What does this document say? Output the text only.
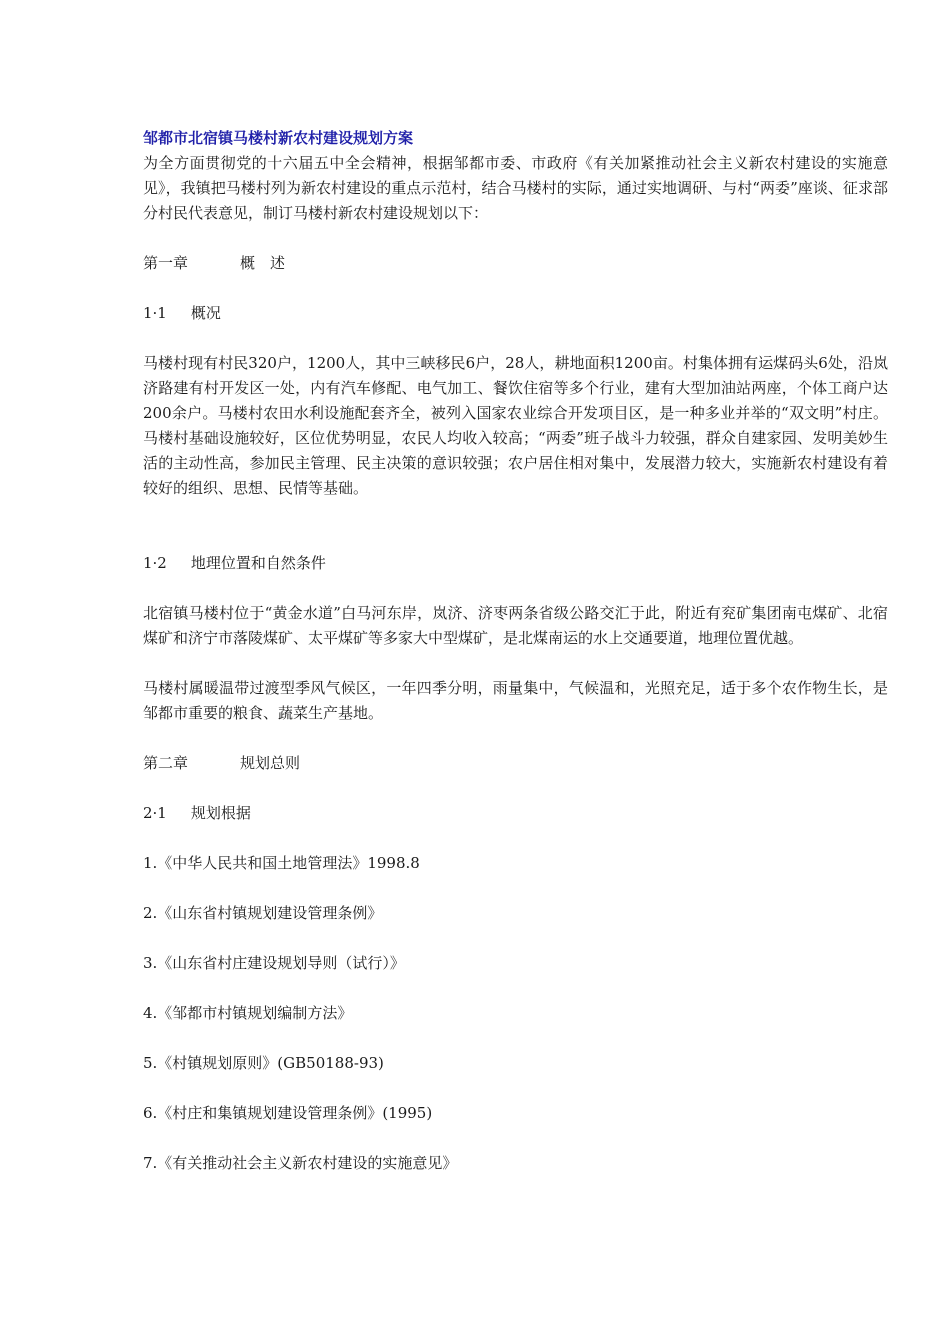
邹都市北宿镇马楼村新农村建设规划方案

为全方面贯彻党的十六届五中全会精神，根据邹都市委、市政府《有关加紧推动社会主义新农村建设的实施意见》，我镇把马楼村列为新农村建设的重点示范村，结合马楼村的实际，通过实地调研、与村“两委”座谈、征求部分村民代表意见，制订马楼村新农村建设规划以下：

第一章	概　述
1·1 概况

马楼村现有村民320户，1200人，其中三峡移民6户，28人，耕地面积1200亩。村集体拥有运煤码头6处，沿岚济路建有村开发区一处，内有汽车修配、电气加工、餐饮住宿等多个行业，建有大型加油站两座，个体工商户达200余户。马楼村农田水利设施配套齐全，被列入国家农业综合开发项目区，是一种多业并举的“双文明”村庄。马楼村基础设施较好，区位优势明显，农民人均收入较高；“两委”班子战斗力较强，群众自建家园、发明美妙生活的主动性高，参加民主管理、民主决策的意识较强；农户居住相对集中，发展潜力较大，实施新农村建设有着较好的组织、思想、民情等基础。

1·2 地理位置和自然条件

北宿镇马楼村位于“黄金水道”白马河东岸，岚济、济枣两条省级公路交汇于此，附近有兖矿集团南屯煤矿、北宿煤矿和济宁市落陵煤矿、太平煤矿等多家大中型煤矿，是北煤南运的水上交通要道，地理位置优越。

马楼村属暖温带过渡型季风气候区，一年四季分明，雨量集中，气候温和，光照充足，适于多个农作物生长，是邹都市重要的粮食、蔬菜生产基地。

第二章	规划总则
2·1 规划根据

1.《中华人民共和国土地管理法》1998.8

2.《山东省村镇规划建设管理条例》

3.《山东省村庄建设规划导则（试行）》

4.《邹都市村镇规划编制方法》

5.《村镇规划原则》(GB50188-93)

6.《村庄和集镇规划建设管理条例》(1995)

7.《有关推动社会主义新农村建设的实施意见》
